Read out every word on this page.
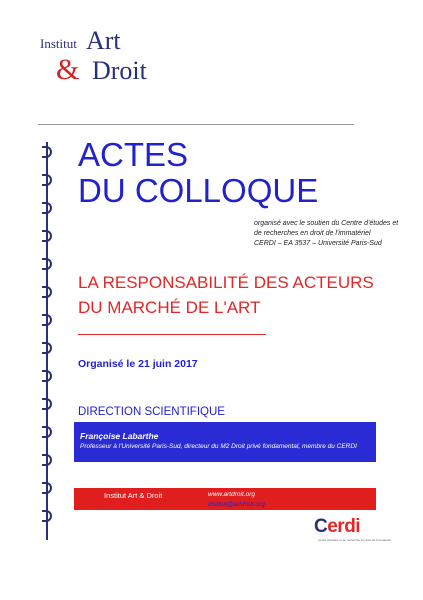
Institut Art
& Droit
ACTES
DU COLLOQUE
organisé avec le soutien du Centre d'études et
de recherches en droit de l'immatériel
CERDI – EA 3537 – Université Paris-Sud
LA RESPONSABILITÉ DES ACTEURS
DU MARCHÉ DE L'ART
Organisé le 21 juin 2017
DIRECTION SCIENTIFIQUE
Françoise Labarthe
Professeur à l'Université Paris-Sud, directeur du M2 Droit privé fondamental, membre du CERDI
Institut Art & Droit	www.artdroit.org
institut@artdroit.org
Cerdi
centre d'études et de recherche en droit de l'immatériel
